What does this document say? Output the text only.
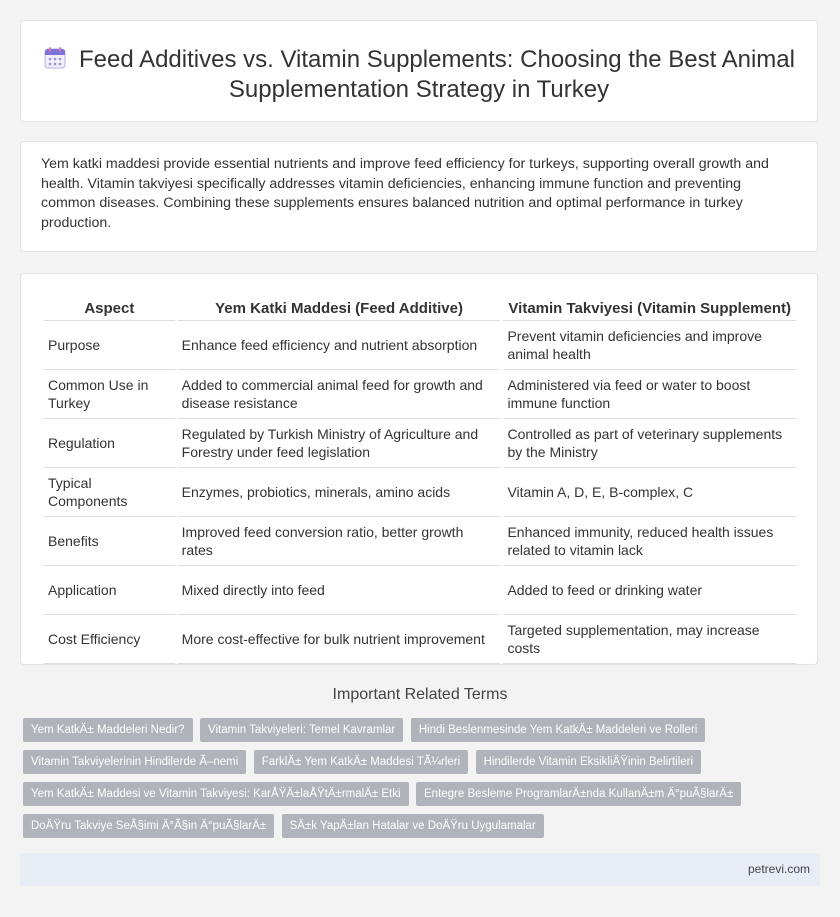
Feed Additives vs. Vitamin Supplements: Choosing the Best Animal Supplementation Strategy in Turkey

Yem katki maddesi provide essential nutrients and improve feed efficiency for turkeys, supporting overall growth and health. Vitamin takviyesi specifically addresses vitamin deficiencies, enhancing immune function and preventing common diseases. Combining these supplements ensures balanced nutrition and optimal performance in turkey production.

Aspect	Yem Katki Maddesi (Feed Additive)	Vitamin Takviyesi (Vitamin Supplement)
Purpose	Enhance feed efficiency and nutrient absorption	Prevent vitamin deficiencies and improve animal health
Common Use in Turkey	Added to commercial animal feed for growth and disease resistance	Administered via feed or water to boost immune function
Regulation	Regulated by Turkish Ministry of Agriculture and Forestry under feed legislation	Controlled as part of veterinary supplements by the Ministry
Typical Components	Enzymes, probiotics, minerals, amino acids	Vitamin A, D, E, B-complex, C
Benefits	Improved feed conversion ratio, better growth rates	Enhanced immunity, reduced health issues related to vitamin lack
Application	Mixed directly into feed	Added to feed or drinking water
Cost Efficiency	More cost-effective for bulk nutrient improvement	Targeted supplementation, may increase costs
Important Related Terms
Yem KatkÄ± Maddeleri Nedir? Vitamin Takviyeleri: Temel Kavramlar Hindi Beslenmesinde Yem KatkÄ± Maddeleri ve Rolleri Vitamin Takviyelerinin Hindilerde Ã–nemi FarklÄ± Yem KatkÄ± Maddesi TÃ¼rleri Hindilerde Vitamin EksikliÄŸinin Belirtileri Yem KatkÄ± Maddesi ve Vitamin Takviyesi: KarÅŸÄ±laÅŸtÄ±rmalÄ± Etki Entegre Besleme ProgramlarÄ±nda KullanÄ±m Ä°puÃ§larÄ± DoÄŸru Takviye SeÃ§imi Ä°Ã§in Ä°puÃ§larÄ± SÄ±k YapÄ±lan Hatalar ve DoÄŸru Uygulamalar
petrevi.com
